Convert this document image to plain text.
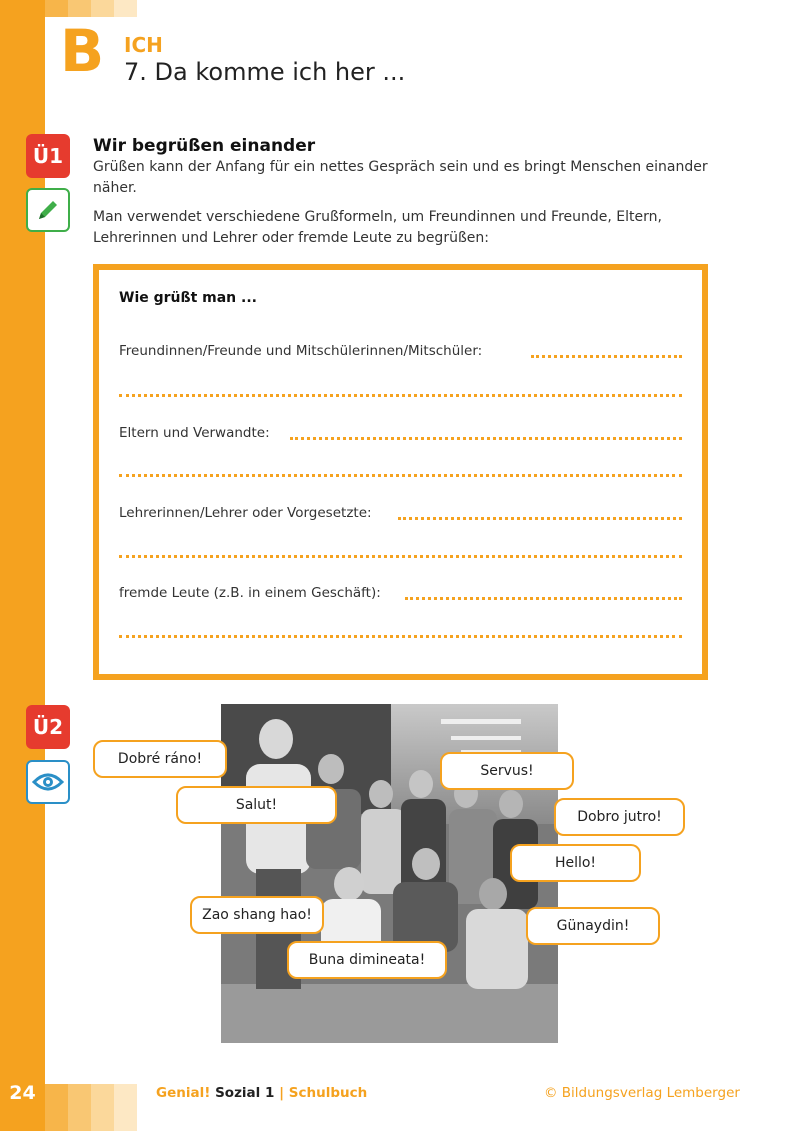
B ICH
7. Da komme ich her ...
Ü1	Wir begrüßen einander
Grüßen kann der Anfang für ein nettes Gespräch sein und es bringt Menschen einander näher.
Man verwendet verschiedene Grußformeln, um Freundinnen und Freunde, Eltern, Lehrerinnen und Lehrer oder fremde Leute zu begrüßen:
Wie grüßt man ...
Freundinnen/Freunde und Mitschülerinnen/Mitschüler:
Eltern und Verwandte:
Lehrerinnen/Lehrer oder Vorgesetzte:
fremde Leute (z.B. in einem Geschäft):
Ü2
Dobré ráno!
Servus!
Salut!
Dobro jutro!
Hello!
Zao shang hao!
Günaydin!
Buna dimineata!
24	Genial! Sozial 1 | Schulbuch	© Bildungsverlag Lemberger
